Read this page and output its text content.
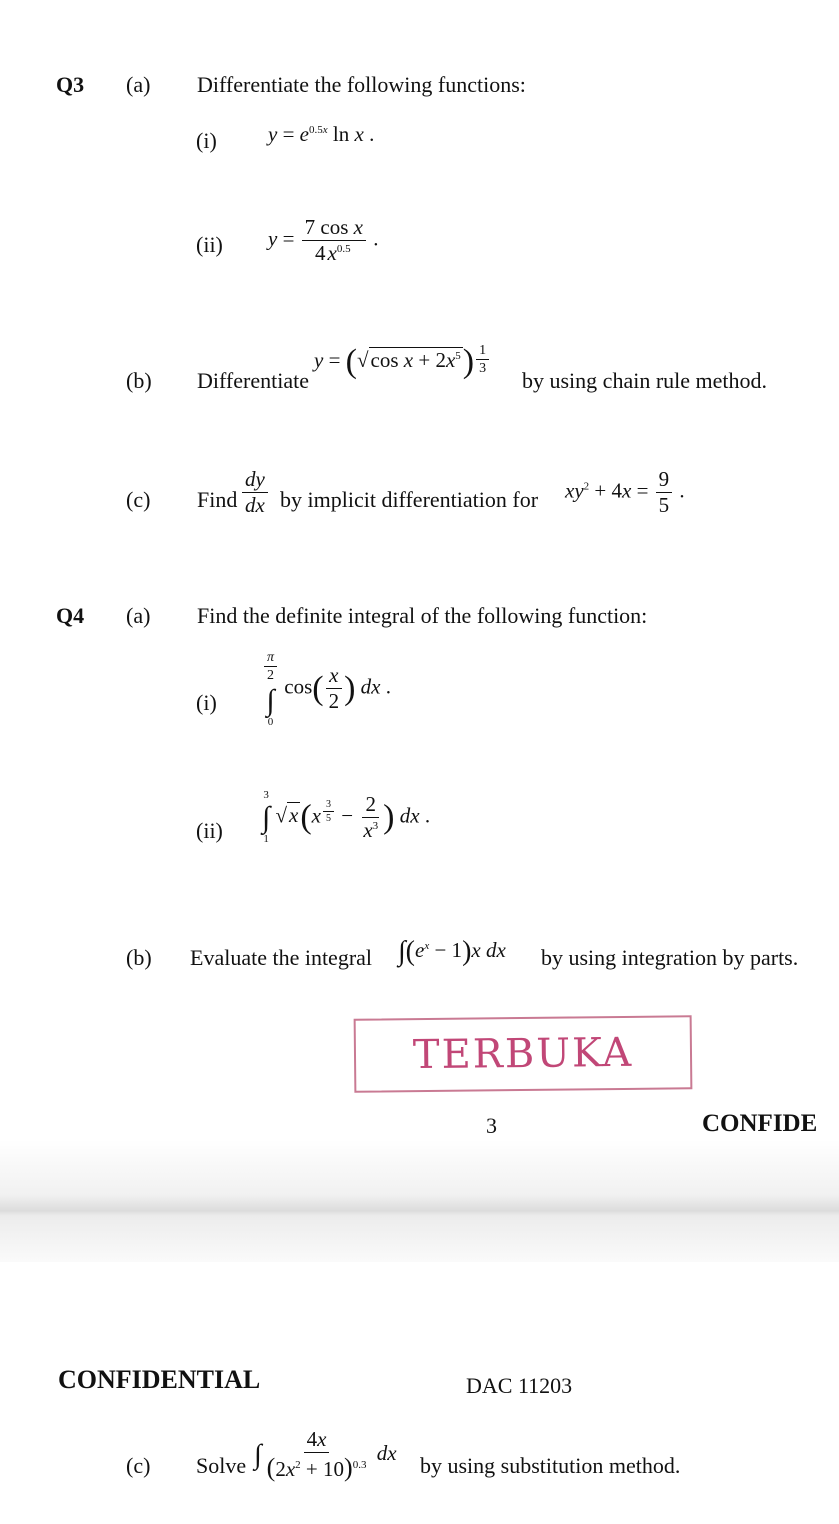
Q3 (a) Differentiate the following functions:
(i) $y = e^{0.5x}$ ln x .
(ii) $y = \frac{\text{7 cos x}}{4x^{0.5}}$ .
(b) Differentiate
y = (√cos $x + 2x^5) \frac{1}{3}$
by using chain rule method.
(c) Find $\frac{dy}{dx}$ by implicit differentiation for $xy^2 + 4x = \frac{9}{5}$ .
Q4 (a) Find the definite integral of the following function:
(i)
$\frac{\pi}{2}$
∫
0
$\cos( \frac{x}{2}$ ) dx .
(ii)
3
∫
1
√x(x $^{\frac{3}{5}} - \frac{2}{x^3}$ ) dx .
(b) Evaluate the integral $\int(e^x - 1)x$ dx by using integration by parts.
TERBUKA
3	CONFIDE
CONFIDENTIAL	DAC 11203
(c) Solve ∫ $\frac{4x}{(2x^2 + 10)^{0.3}}$ dx by using substitution method.
